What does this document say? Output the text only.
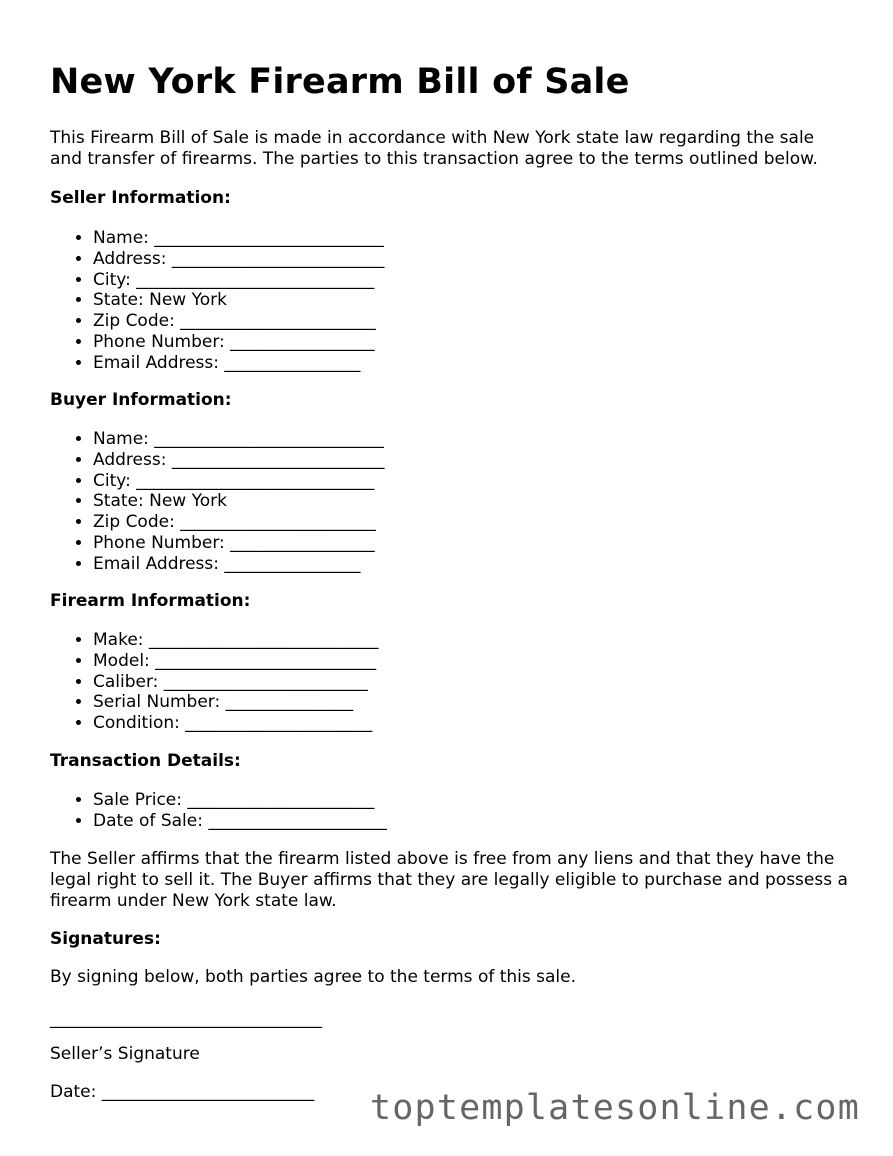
New York Firearm Bill of Sale

This Firearm Bill of Sale is made in accordance with New York state law regarding the sale and transfer of firearms. The parties to this transaction agree to the terms outlined below.

Seller Information:

• Name: ___________________________
• Address: _________________________
• City: ____________________________
• State: New York
• Zip Code: _______________________
• Phone Number: _________________
• Email Address: ________________

Buyer Information:

• Name: ___________________________
• Address: _________________________
• City: ____________________________
• State: New York
• Zip Code: _______________________
• Phone Number: _________________
• Email Address: ________________

Firearm Information:

• Make: ___________________________
• Model: __________________________
• Caliber: ________________________
• Serial Number: _______________
• Condition: ______________________

Transaction Details:

• Sale Price: ______________________
• Date of Sale: _____________________

The Seller affirms that the firearm listed above is free from any liens and that they have the legal right to sell it. The Buyer affirms that they are legally eligible to purchase and possess a firearm under New York state law.

Signatures:

By signing below, both parties agree to the terms of this sale.

________________________________

Seller’s Signature

Date: _________________________ toptemplatesonline.com
